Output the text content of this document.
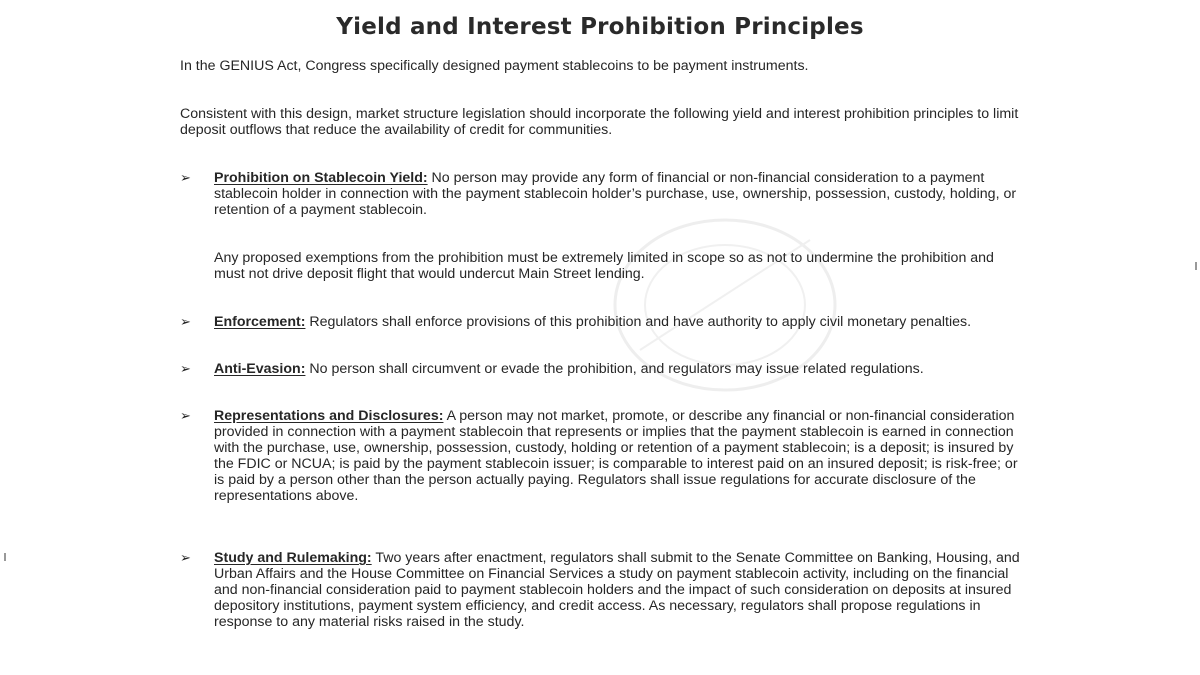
Yield and Interest Prohibition Principles
In the GENIUS Act, Congress specifically designed payment stablecoins to be payment instruments.
Consistent with this design, market structure legislation should incorporate the following yield and interest prohibition principles to limit deposit outflows that reduce the availability of credit for communities.
➢	Prohibition on Stablecoin Yield: No person may provide any form of financial or non-financial consideration to a payment stablecoin holder in connection with the payment stablecoin holder’s purchase, use, ownership, possession, custody, holding, or retention of a payment stablecoin.
Any proposed exemptions from the prohibition must be extremely limited in scope so as not to undermine the prohibition and must not drive deposit flight that would undercut Main Street lending.
➢	Enforcement: Regulators shall enforce provisions of this prohibition and have authority to apply civil monetary penalties.
➢	Anti-Evasion: No person shall circumvent or evade the prohibition, and regulators may issue related regulations.
➢	Representations and Disclosures: A person may not market, promote, or describe any financial or non-financial consideration provided in connection with a payment stablecoin that represents or implies that the payment stablecoin is earned in connection with the purchase, use, ownership, possession, custody, holding or retention of a payment stablecoin; is a deposit; is insured by the FDIC or NCUA; is paid by the payment stablecoin issuer; is comparable to interest paid on an insured deposit; is risk-free; or is paid by a person other than the person actually paying. Regulators shall issue regulations for accurate disclosure of the representations above.
➢	Study and Rulemaking: Two years after enactment, regulators shall submit to the Senate Committee on Banking, Housing, and Urban Affairs and the House Committee on Financial Services a study on payment stablecoin activity, including on the financial and non-financial consideration paid to payment stablecoin holders and the impact of such consideration on deposits at insured depository institutions, payment system efficiency, and credit access. As necessary, regulators shall propose regulations in response to any material risks raised in the study.
